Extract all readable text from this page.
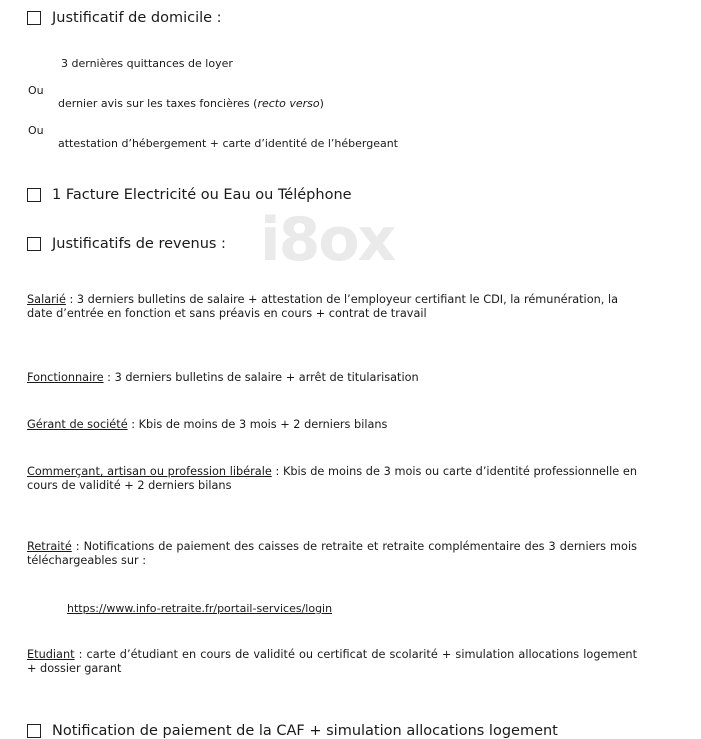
i8ox
Justificatif de domicile :
3 dernières quittances de loyer
Ou
dernier avis sur les taxes foncières (recto verso)
Ou
attestation d’hébergement + carte d’identité de l’hébergeant
1 Facture Electricité ou Eau ou Téléphone
Justificatifs de revenus :
Salarié : 3 derniers bulletins de salaire + attestation de l’employeur certifiant le CDI, la rémunération, la date d’entrée en fonction et sans préavis en cours + contrat de travail
Fonctionnaire : 3 derniers bulletins de salaire + arrêt de titularisation
Gérant de société : Kbis de moins de 3 mois + 2 derniers bilans
Commerçant, artisan ou profession libérale : Kbis de moins de 3 mois ou carte d’identité professionnelle en cours de validité + 2 derniers bilans
Retraité : Notifications de paiement des caisses de retraite et retraite complémentaire des 3 derniers mois téléchargeables sur :
$_{https://www.info-retraite.fr/portail-services/login}$
Etudiant : carte d’étudiant en cours de validité ou certificat de scolarité + simulation allocations logement + dossier garant
Notification de paiement de la CAF + simulation allocations logement
